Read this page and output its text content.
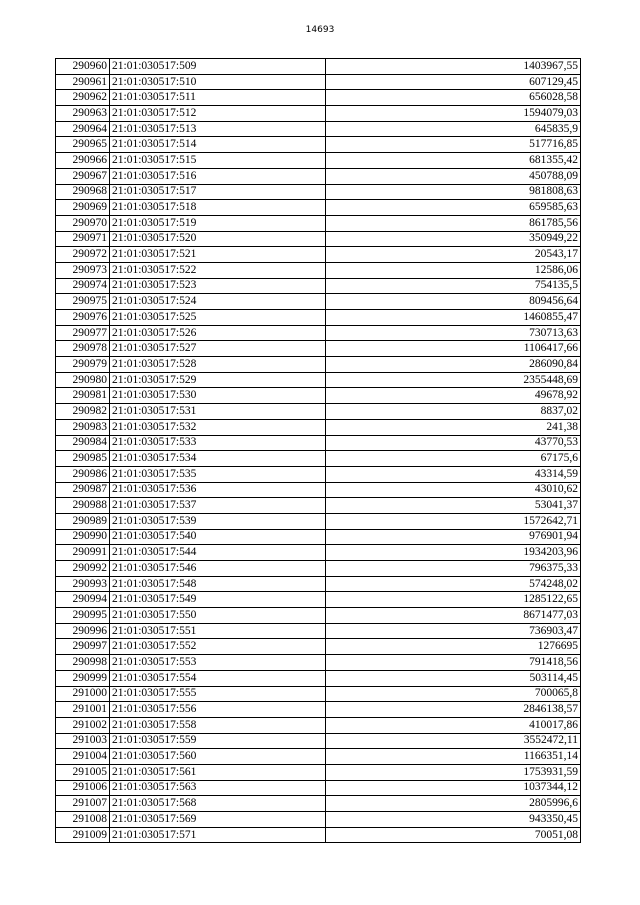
14693
290960	21:01:030517:509	1403967,55
290961	21:01:030517:510	607129,45
290962	21:01:030517:511	656028,58
290963	21:01:030517:512	1594079,03
290964	21:01:030517:513	645835,9
290965	21:01:030517:514	517716,85
290966	21:01:030517:515	681355,42
290967	21:01:030517:516	450788,09
290968	21:01:030517:517	981808,63
290969	21:01:030517:518	659585,63
290970	21:01:030517:519	861785,56
290971	21:01:030517:520	350949,22
290972	21:01:030517:521	20543,17
290973	21:01:030517:522	12586,06
290974	21:01:030517:523	754135,5
290975	21:01:030517:524	809456,64
290976	21:01:030517:525	1460855,47
290977	21:01:030517:526	730713,63
290978	21:01:030517:527	1106417,66
290979	21:01:030517:528	286090,84
290980	21:01:030517:529	2355448,69
290981	21:01:030517:530	49678,92
290982	21:01:030517:531	8837,02
290983	21:01:030517:532	241,38
290984	21:01:030517:533	43770,53
290985	21:01:030517:534	67175,6
290986	21:01:030517:535	43314,59
290987	21:01:030517:536	43010,62
290988	21:01:030517:537	53041,37
290989	21:01:030517:539	1572642,71
290990	21:01:030517:540	976901,94
290991	21:01:030517:544	1934203,96
290992	21:01:030517:546	796375,33
290993	21:01:030517:548	574248,02
290994	21:01:030517:549	1285122,65
290995	21:01:030517:550	8671477,03
290996	21:01:030517:551	736903,47
290997	21:01:030517:552	1276695
290998	21:01:030517:553	791418,56
290999	21:01:030517:554	503114,45
291000	21:01:030517:555	700065,8
291001	21:01:030517:556	2846138,57
291002	21:01:030517:558	410017,86
291003	21:01:030517:559	3552472,11
291004	21:01:030517:560	1166351,14
291005	21:01:030517:561	1753931,59
291006	21:01:030517:563	1037344,12
291007	21:01:030517:568	2805996,6
291008	21:01:030517:569	943350,45
291009	21:01:030517:571	70051,08
